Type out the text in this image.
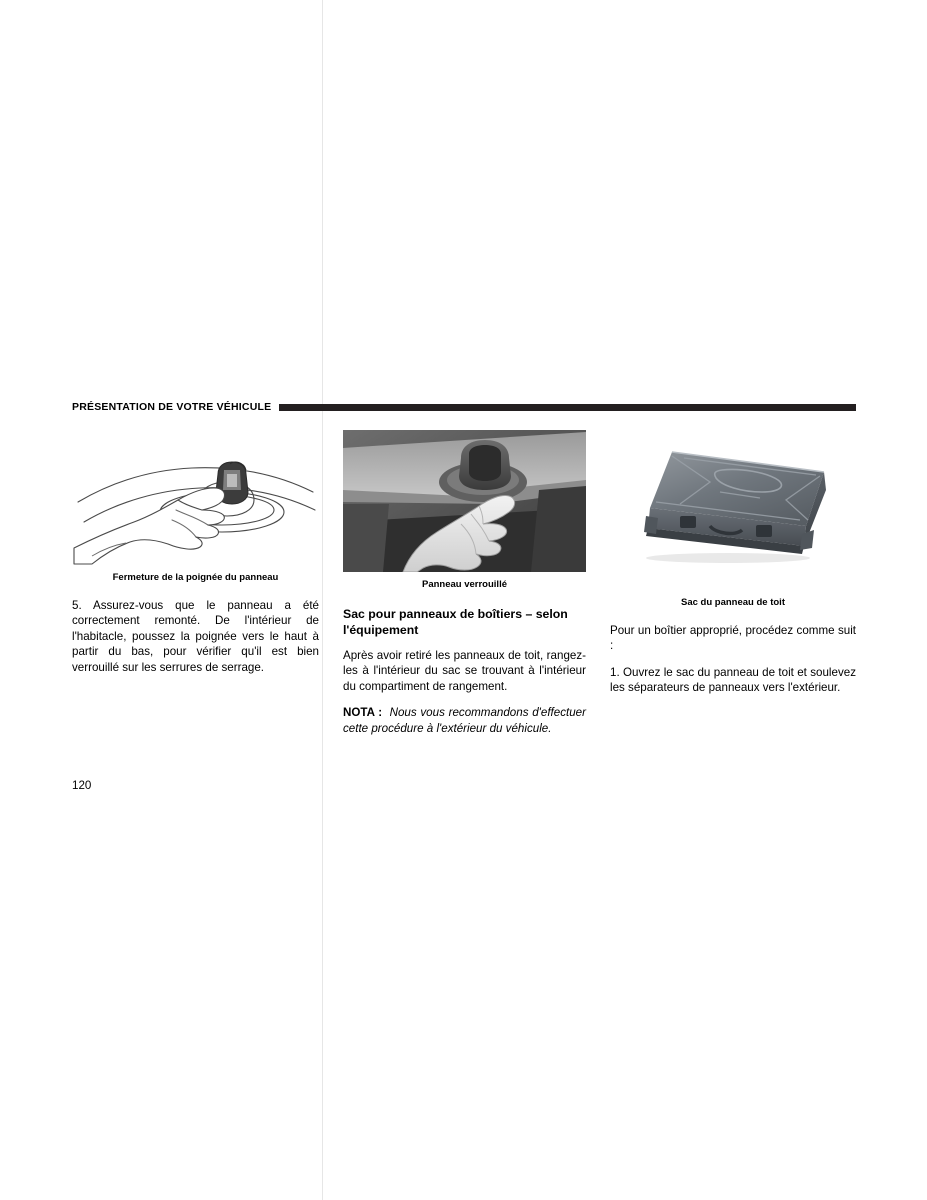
PRÉSENTATION DE VOTRE VÉHICULE
Fermeture de la poignée du panneau

5. Assurez-vous que le panneau a été correctement remonté. De l'intérieur de l'habitacle, poussez la poignée vers le haut à partir du bas, pour vérifier qu'il est bien verrouillé sur les serrures de serrage.

Panneau verrouillé
Sac pour panneaux de boîtiers – selon l'équipement

Après avoir retiré les panneaux de toit, rangez-les à l'intérieur du sac se trouvant à l'intérieur du compartiment de rangement.

NOTA : Nous vous recommandons d'effectuer cette procédure à l'extérieur du véhicule.

Sac du panneau de toit

Pour un boîtier approprié, procédez comme suit :

1. Ouvrez le sac du panneau de toit et soulevez les séparateurs de panneaux vers l'extérieur.

120
